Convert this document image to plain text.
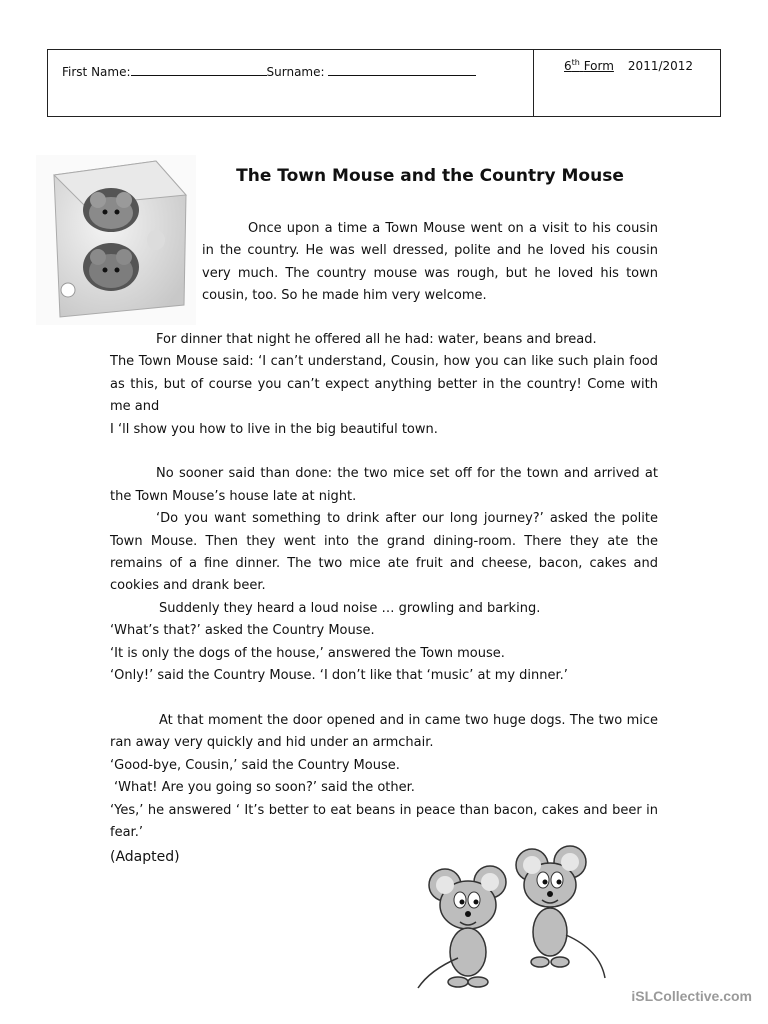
First Name:	Surname:	6th Form 2011/2012
The Town Mouse and the Country Mouse

Once upon a time a Town Mouse went on a visit to his cousin in the country. He was well dressed, polite and he loved his cousin very much. The country mouse was rough, but he loved his town cousin, too. So he made him very welcome.

For dinner that night he offered all he had: water, beans and bread.

The Town Mouse said: ‘I can’t understand, Cousin, how you can like such plain food as this, but of course you can’t expect anything better in the country! Come with me and

I ‘ll show you how to live in the big beautiful town.

No sooner said than done: the two mice set off for the town and arrived at the Town Mouse’s house late at night.

‘Do you want something to drink after our long journey?’ asked the polite Town Mouse. Then they went into the grand dining-room. There they ate the remains of a fine dinner. The two mice ate fruit and cheese, bacon, cakes and cookies and drank beer.

Suddenly they heard a loud noise … growling and barking.

‘What’s that?’ asked the Country Mouse.

‘It is only the dogs of the house,’ answered the Town mouse.

‘Only!’ said the Country Mouse. ‘I don’t like that ‘music’ at my dinner.’

At that moment the door opened and in came two huge dogs. The two mice ran away very quickly and hid under an armchair.

‘Good-bye, Cousin,’ said the Country Mouse.

‘What! Are you going so soon?’ said the other.

‘Yes,’ he answered ‘ It’s better to eat beans in peace than bacon, cakes and beer in fear.’

(Adapted)

iSLCollective.com
